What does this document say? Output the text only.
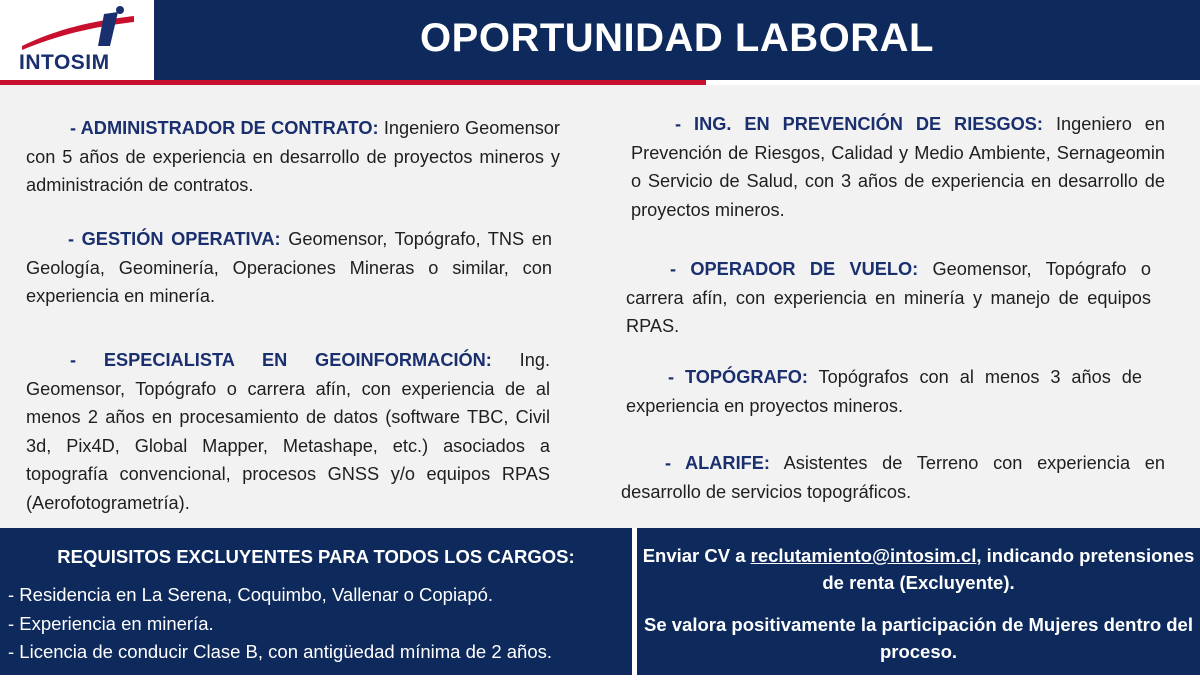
INTOSIM
OPORTUNIDAD LABORAL

- ADMINISTRADOR DE CONTRATO: Ingeniero Geomensor con 5 años de experiencia en desarrollo de proyectos mineros y administración de contratos.

- GESTIÓN OPERATIVA: Geomensor, Topógrafo, TNS en Geología, Geominería, Operaciones Mineras o similar, con experiencia en minería.

- ESPECIALISTA EN GEOINFORMACIÓN: Ing. Geomensor, Topógrafo o carrera afín, con experiencia de al menos 2 años en procesamiento de datos (software TBC, Civil 3d, Pix4D, Global Mapper, Metashape, etc.) asociados a topografía convencional, procesos GNSS y/o equipos RPAS (Aerofotogrametría).

- ING. EN PREVENCIÓN DE RIESGOS: Ingeniero en Prevención de Riesgos, Calidad y Medio Ambiente, Sernageomin o Servicio de Salud, con 3 años de experiencia en desarrollo de proyectos mineros.

- OPERADOR DE VUELO: Geomensor, Topógrafo o carrera afín, con experiencia en minería y manejo de equipos RPAS.

- TOPÓGRAFO: Topógrafos con al menos 3 años de experiencia en proyectos mineros.

- ALARIFE: Asistentes de Terreno con experiencia en desarrollo de servicios topográficos.

REQUISITOS EXCLUYENTES PARA TODOS LOS CARGOS:
- Residencia en La Serena, Coquimbo, Vallenar o Copiapó.
- Experiencia en minería.
- Licencia de conducir Clase B, con antigüedad mínima de 2 años.

Enviar CV a reclutamiento@intosim.cl, indicando pretensiones de renta (Excluyente).

Se valora positivamente la participación de Mujeres dentro del proceso.
